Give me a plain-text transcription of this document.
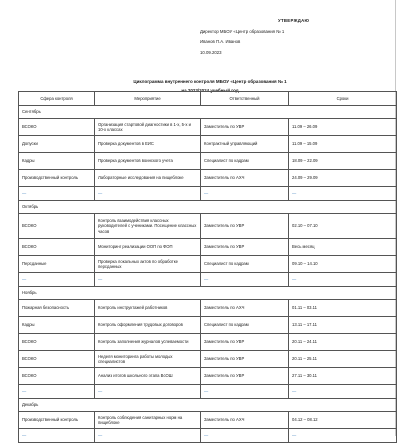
УТВЕРЖДАЮ
Директор МБОУ «Центр образования № 1
Иванов П.А. Иванов
10.09.2023
Циклограмма внутреннего контроля МБОУ «Центр образования № 1
на 2023/2024 учебный год
Сфера контроля	Мероприятие	Ответственный	Сроки
Сентябрь			
ВСОКО	Организация стартовой диагностики в 1-х, 5-х и 10-х классах	Заместитель по УВР	11.09 – 26.09
Допуски	Проверка документов в ЕИС	Контрактный управляющий	11.09 – 15.09
Кадры	Проверка документов воинского учета	Специалист по кадрам	18.09 – 22.09
Производственный контроль	Лабораторные исследования на пищеблоке	Заместитель по АХЧ	24.09 – 29.09
—	—	—	—
Октябрь			
ВСОКО	Контроль взаимодействия классных руководителей с учениками. Посещение классных часов	Заместитель по УВР	02.10 – 07.10
ВСОКО	Мониторинг реализации ООП по ФОП	Заместитель по УВР	Весь месяц
Персданные	Проверка локальных актов по обработке персданных	Специалист по кадрам	09.10 – 14.10
—	—	—	—
Ноябрь			
Пожарная безопасность	Контроль инструктажей работников	Заместитель по АХЧ	01.11 – 03.11
Кадры	Контроль оформления трудовых договоров	Специалист по кадрам	13.11 – 17.11
ВСОКО	Контроль заполнения журналов успеваемости	Заместитель по УВР	20.11 – 24.11
ВСОКО	Неделя мониторинга работы молодых специалистов	Заместитель по УВР	20.11 – 25.11
ВСОКО	Анализ итогов школьного этапа ВсОШ	Заместитель по УВР	27.11 – 30.11
—	—	—	—
Декабрь			
Производственный контроль	Контроль соблюдения санитарных норм на пищеблоке	Заместитель по АХЧ	04.12 – 08.12
—	—	—	—
